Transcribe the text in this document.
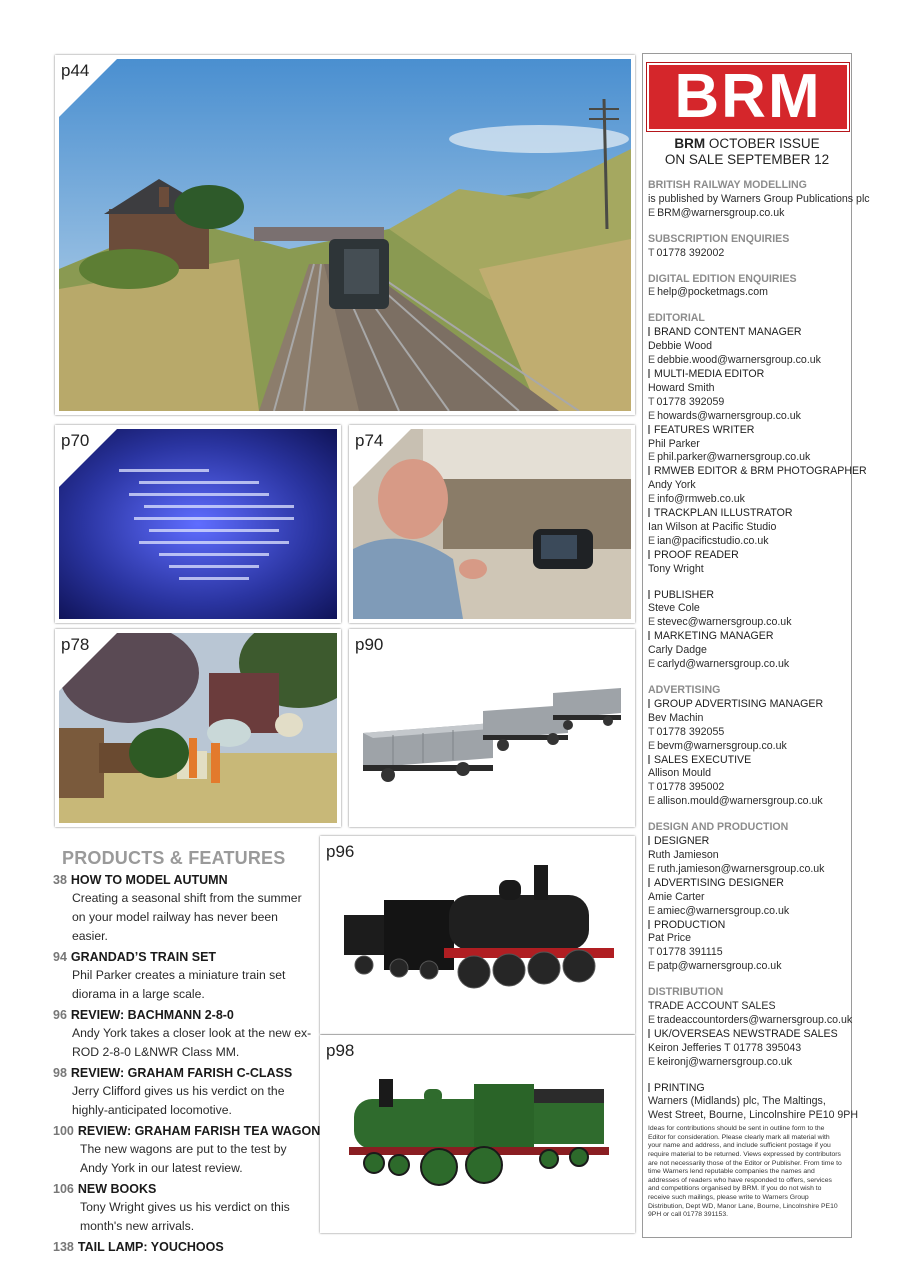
p44
p70	p74
p78	p90
p96
p98
BRM
BRM OCTOBER ISSUE
ON SALE SEPTEMBER 12
BRITISH RAILWAY MODELLING
is published by Warners Group Publications plc
E BRM@warnersgroup.co.uk
SUBSCRIPTION ENQUIRIES
T 01778 392002
DIGITAL EDITION ENQUIRIES
E help@pocketmags.com
EDITORIAL
BRAND CONTENT MANAGER
Debbie Wood
E debbie.wood@warnersgroup.co.uk
MULTI-MEDIA EDITOR
Howard Smith
T 01778 392059
E howards@warnersgroup.co.uk
FEATURES WRITER
Phil Parker
E phil.parker@warnersgroup.co.uk
RMWEB EDITOR & BRM PHOTOGRAPHER
Andy York
E info@rmweb.co.uk
TRACKPLAN ILLUSTRATOR
Ian Wilson at Pacific Studio
E ian@pacificstudio.co.uk
PROOF READER
Tony Wright
PUBLISHER
Steve Cole
E stevec@warnersgroup.co.uk
MARKETING MANAGER
Carly Dadge
E carlyd@warnersgroup.co.uk
ADVERTISING
GROUP ADVERTISING MANAGER
Bev Machin
T 01778 392055
E bevm@warnersgroup.co.uk
SALES EXECUTIVE
Allison Mould
T 01778 395002
E allison.mould@warnersgroup.co.uk
DESIGN AND PRODUCTION
DESIGNER
Ruth Jamieson
E ruth.jamieson@warnersgroup.co.uk
ADVERTISING DESIGNER
Amie Carter
E amiec@warnersgroup.co.uk
PRODUCTION
Pat Price
T 01778 391115
E patp@warnersgroup.co.uk
DISTRIBUTION
TRADE ACCOUNT SALES
E tradeaccountorders@warnersgroup.co.uk
UK/OVERSEAS NEWSTRADE SALES
Keiron Jefferies T 01778 395043
E keironj@warnersgroup.co.uk
PRINTING
Warners (Midlands) plc, The Maltings,
West Street, Bourne, Lincolnshire PE10 9PH
Ideas for contributions should be sent in outline form to the Editor for consideration. Please clearly mark all material with your name and address, and include sufficient postage if you require material to be returned. Views expressed by contributors are not necessarily those of the Editor or Publisher. From time to time Warners lend reputable companies the names and addresses of readers who have responded to offers, services and competitions organised by BRM. If you do not wish to receive such mailings, please write to Warners Group Distribution, Dept WD, Manor Lane, Bourne, Lincolnshire PE10 9PH or call 01778 391153.
PRODUCTS & FEATURES
38 HOW TO MODEL AUTUMN
Creating a seasonal shift from the summer on your model railway has never been easier.
94 GRANDAD’S TRAIN SET
Phil Parker creates a miniature train set diorama in a large scale.
96 REVIEW: BACHMANN 2-8-0
Andy York takes a closer look at the new ex-ROD 2-8-0 L&NWR Class MM.
98 REVIEW: GRAHAM FARISH C-CLASS
Jerry Clifford gives us his verdict on the highly-anticipated locomotive.
100 REVIEW: GRAHAM FARISH TEA WAGON
The new wagons are put to the test by Andy York in our latest review.
106 NEW BOOKS
Tony Wright gives us his verdict on this month's new arrivals.
138 TAIL LAMP: YOUCHOOS
